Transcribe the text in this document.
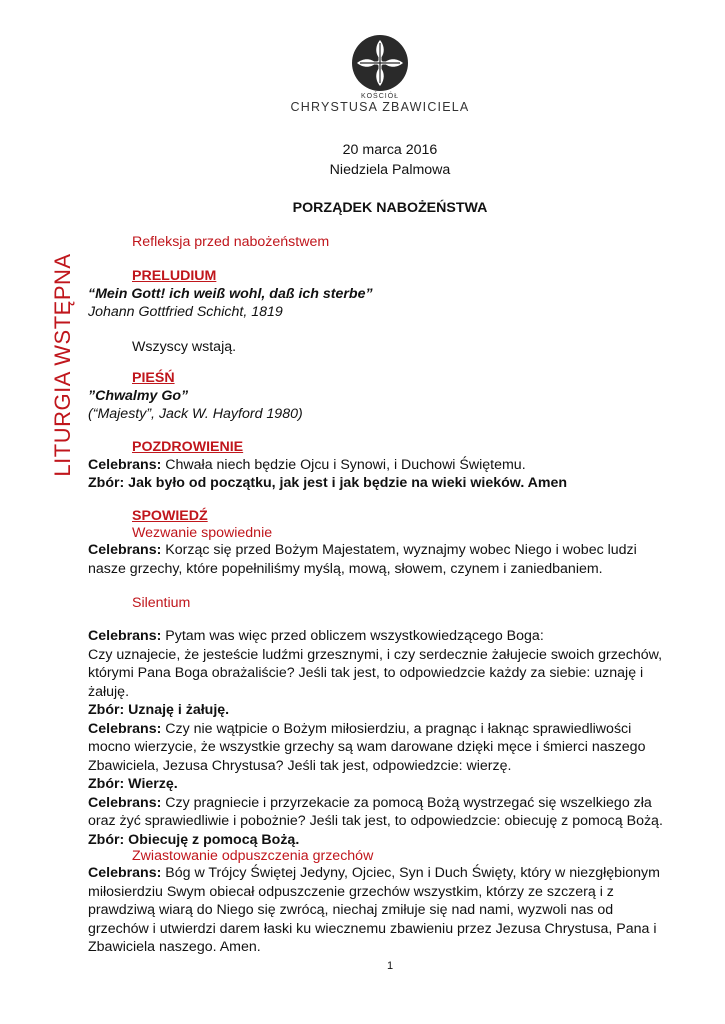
KOŚCIÓŁ
CHRYSTUSA ZBAWICIELA
20 marca 2016
Niedziela Palmowa
PORZĄDEK NABOŻEŃSTWA
LITURGIA WSTĘPNA
Refleksja przed nabożeństwem
PRELUDIUM
“Mein Gott! ich weiß wohl, daß ich sterbe”
Johann Gottfried Schicht, 1819
Wszyscy wstają.
PIEŚŃ
”Chwalmy Go”
(“Majesty”, Jack W. Hayford 1980)
POZDROWIENIE
Celebrans: Chwała niech będzie Ojcu i Synowi, i Duchowi Świętemu.
Zbór: Jak było od początku, jak jest i jak będzie na wieki wieków. Amen
SPOWIEDŹ
Wezwanie spowiednie

Celebrans: Korząc się przed Bożym Majestatem, wyznajmy wobec Niego i wobec ludzi

nasze grzechy, które popełniliśmy myślą, mową, słowem, czynem i zaniedbaniem.

Silentium

Celebrans: Pytam was więc przed obliczem wszystkowiedzącego Boga:

Czy uznajecie, że jesteście ludźmi grzesznymi, i czy serdecznie żałujecie swoich grzechów,

którymi Pana Boga obrażaliście? Jeśli tak jest, to odpowiedzcie każdy za siebie: uznaję i

żałuję.

Zbór: Uznaję i żałuję.

Celebrans: Czy nie wątpicie o Bożym miłosierdziu, a pragnąc i łaknąc sprawiedliwości

mocno wierzycie, że wszystkie grzechy są wam darowane dzięki męce i śmierci naszego

Zbawiciela, Jezusa Chrystusa? Jeśli tak jest, odpowiedzcie: wierzę.

Zbór: Wierzę.

Celebrans: Czy pragniecie i przyrzekacie za pomocą Bożą wystrzegać się wszelkiego zła

oraz żyć sprawiedliwie i pobożnie? Jeśli tak jest, to odpowiedzcie: obiecuję z pomocą Bożą.

Zbór: Obiecuję z pomocą Bożą.

Zwiastowanie odpuszczenia grzechów

Celebrans: Bóg w Trójcy Świętej Jedyny, Ojciec, Syn i Duch Święty, który w niezgłębionym

miłosierdziu Swym obiecał odpuszczenie grzechów wszystkim, którzy ze szczerą i z

prawdziwą wiarą do Niego się zwrócą, niechaj zmiłuje się nad nami, wyzwoli nas od

grzechów i utwierdzi darem łaski ku wiecznemu zbawieniu przez Jezusa Chrystusa, Pana i

Zbawiciela naszego. Amen.

1
